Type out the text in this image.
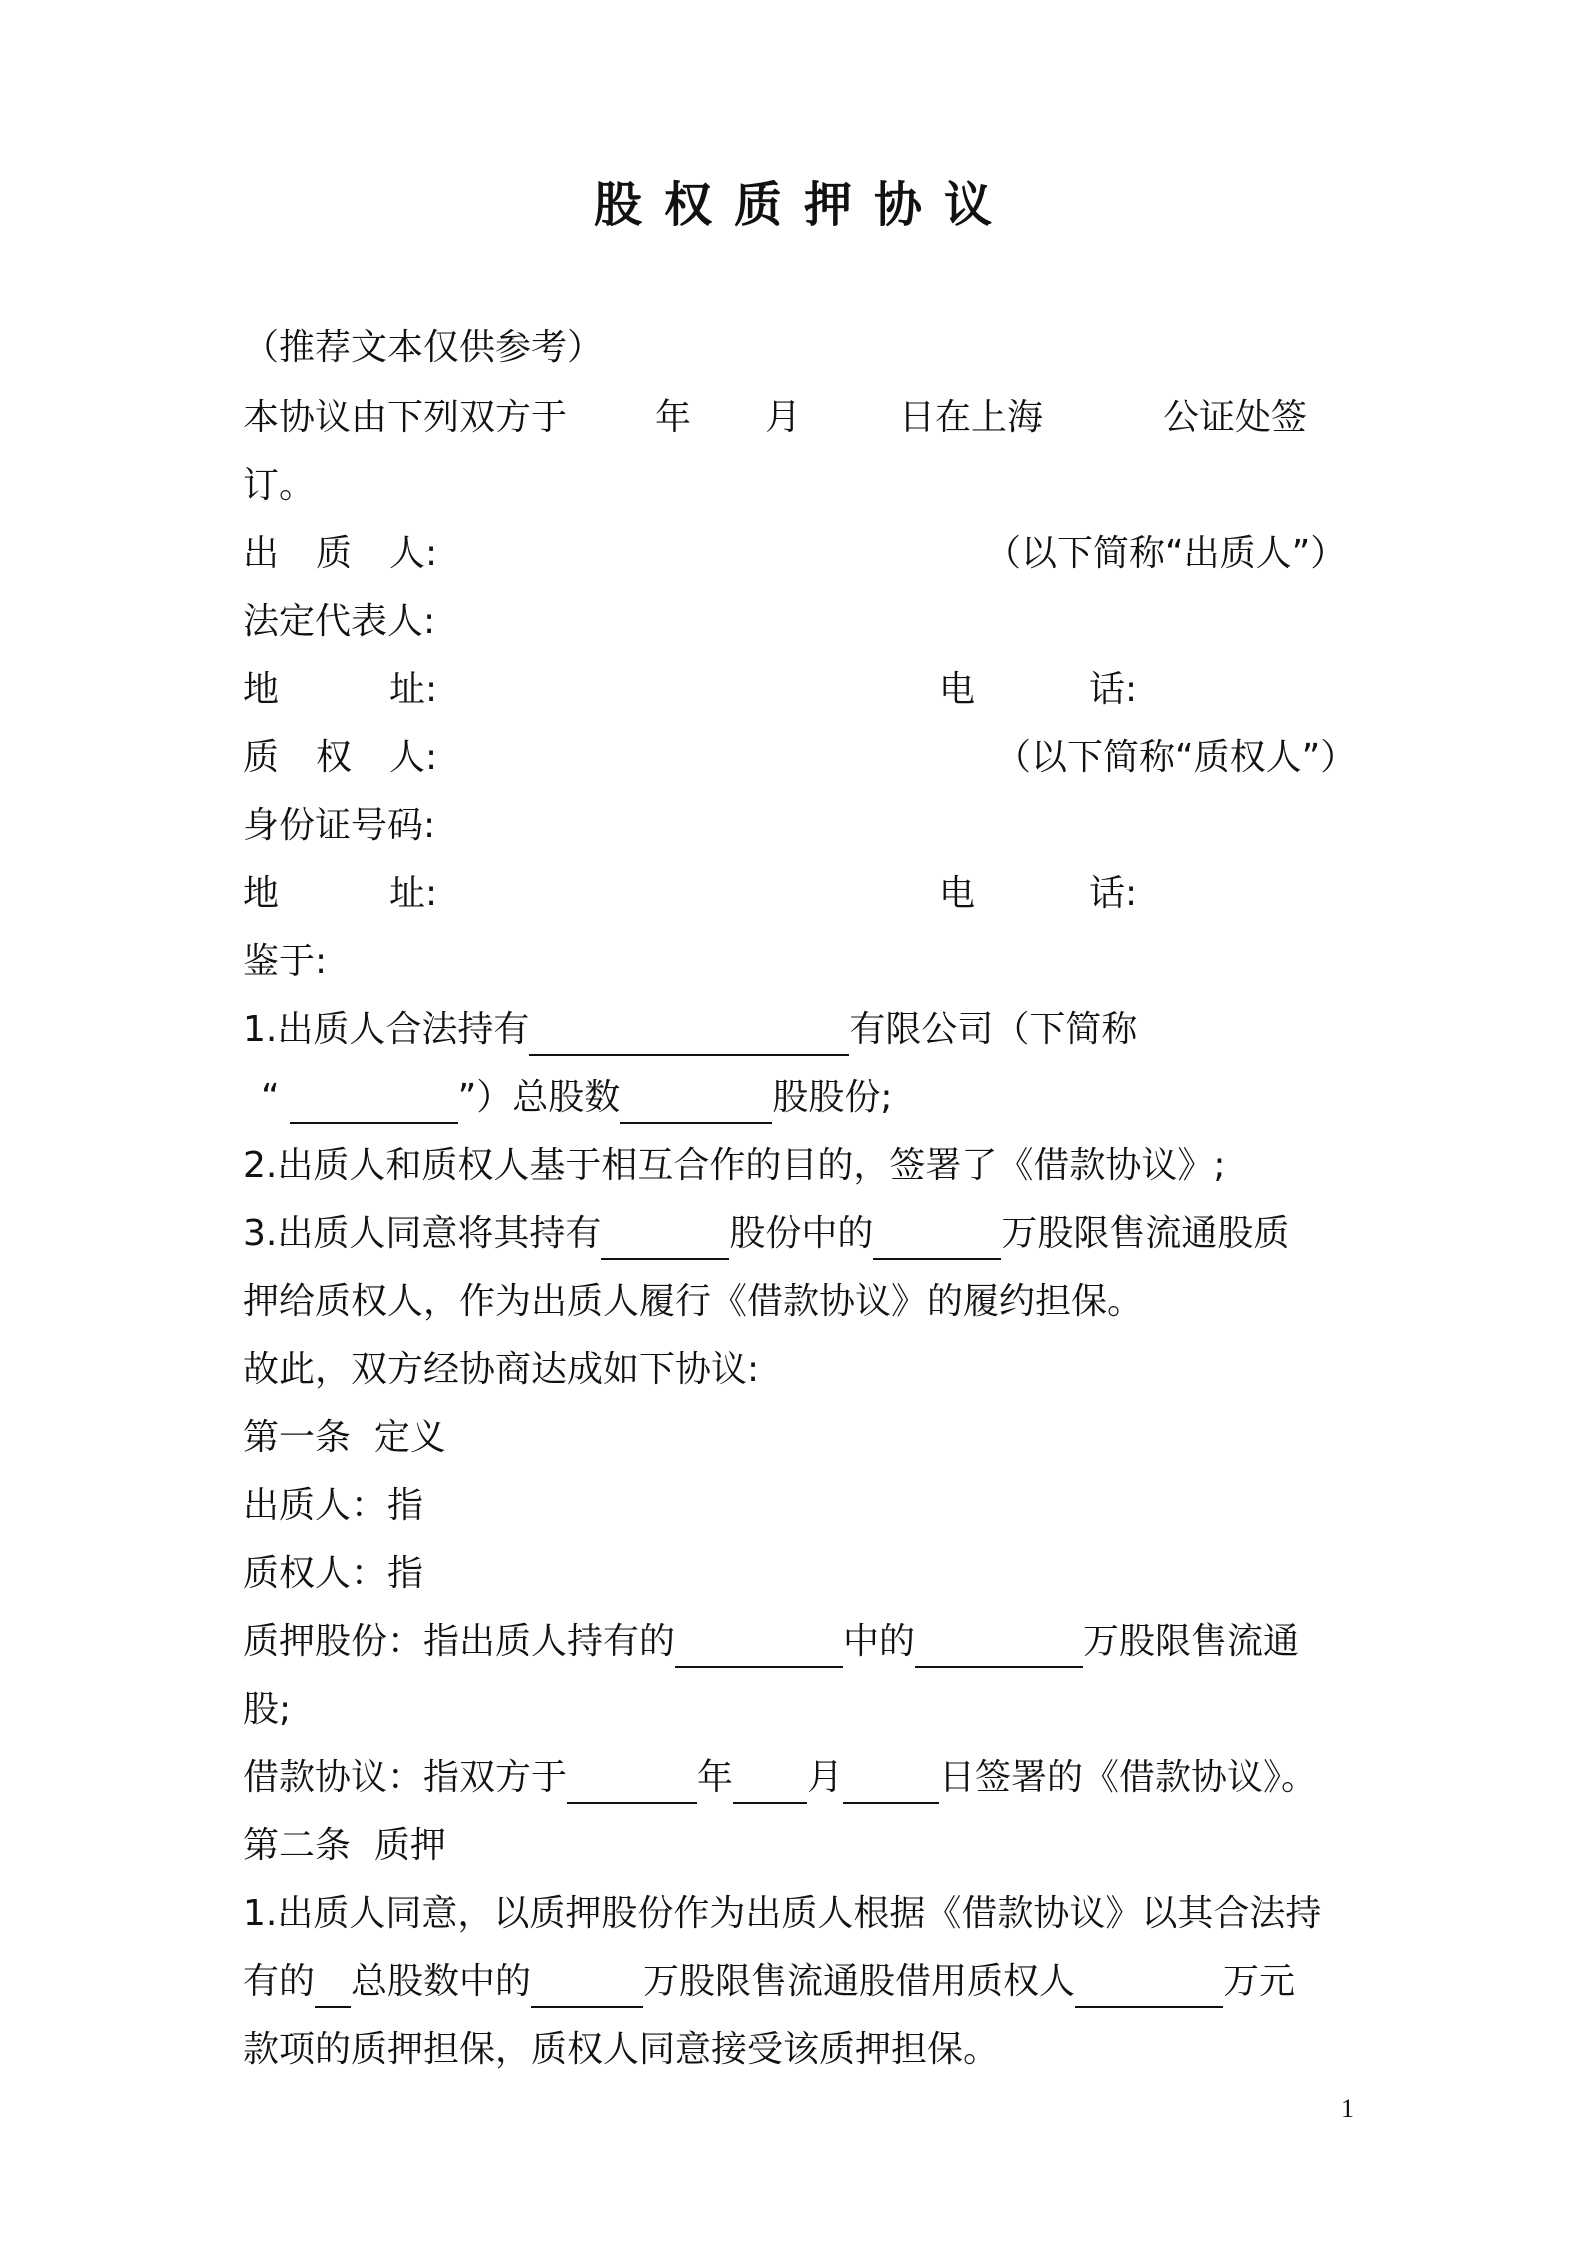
股权质押协议
（推荐文本仅供参考）
本协议由下列双方于 年 月	日在上海	公证处签
订。
出 质 人:	（以下简称“出质人”）
法定代表人:
地	址:	电	话:
质 权 人:	（以下简称“质权人”）
身份证号码:
地	址:	电	话:
鉴于:
1.出质人合法持有	有限公司（下简称
“	”）总股数	股股份;
2.出质人和质权人基于相互合作的目的，签署了《借款协议》;
3.出质人同意将其持有	股份中的	万股限售流通股质
押给质权人，作为出质人履行《借款协议》的履约担保。
故此，双方经协商达成如下协议:
第一条  定义
出质人：指
质权人：指
质押股份：指出质人持有的	中的	万股限售流通
股;
借款协议：指双方于	年 月	日签署的《借款协议》。
第二条  质押
1.出质人同意，以质押股份作为出质人根据《借款协议》以其合法持
有的 总股数中的	万股限售流通股借用质权人	万元
款项的质押担保，质权人同意接受该质押担保。
1
